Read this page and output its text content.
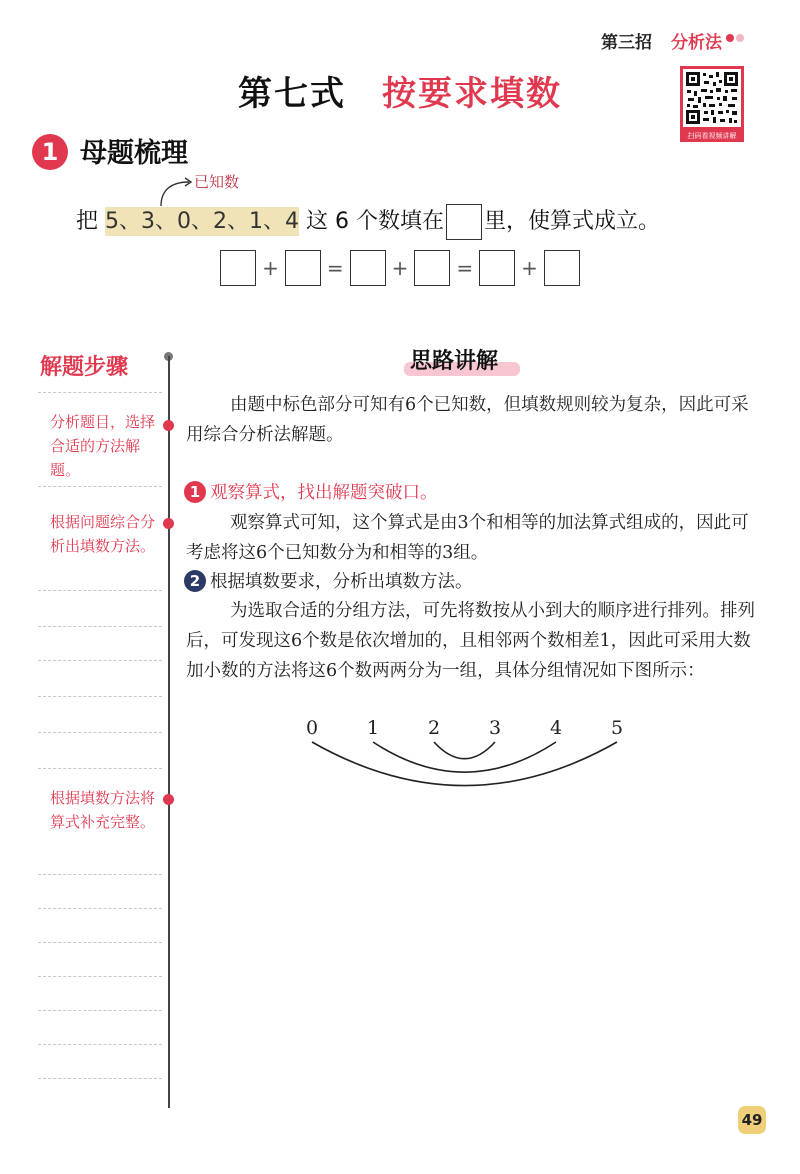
第三招 分析法
第七式 按要求填数
扫码看视频讲解
1 母题梳理
已知数
把 5、3、0、2、1、4 这 6 个数填在 里，使算式成立。
+ = + = +
解题步骤
分析题目，选择合适的方法解题。
根据问题综合分析出填数方法。
根据填数方法将算式补充完整。
思路讲解
由题中标色部分可知有6个已知数，但填数规则较为复杂，因此可采用综合分析法解题。
1 观察算式，找出解题突破口。
观察算式可知，这个算式是由3个和相等的加法算式组成的，因此可考虑将这6个已知数分为和相等的3组。
2 根据填数要求，分析出填数方法。
为选取合适的分组方法，可先将数按从小到大的顺序进行排列。排列后，可发现这6个数是依次增加的，且相邻两个数相差1，因此可采用大数加小数的方法将这6个数两两分为一组，具体分组情况如下图所示：
0	1	2	3	4	5
49
